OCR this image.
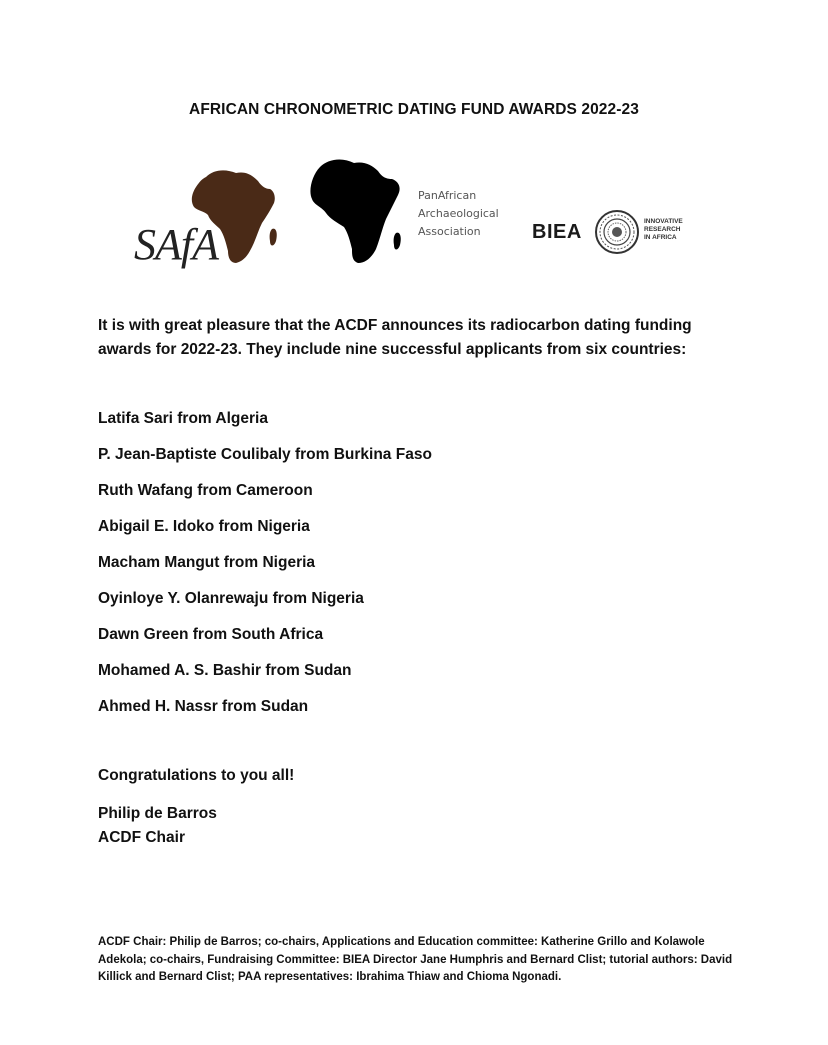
AFRICAN CHRONOMETRIC DATING FUND AWARDS 2022-23
SAfA
PanAfrican
Archaeological
Association	BIEA	INNOVATIVE
RESEARCH
IN AFRICA
It is with great pleasure that the ACDF announces its radiocarbon dating funding awards for 2022-23. They include nine successful applicants from six countries:
Latifa Sari from Algeria
P. Jean-Baptiste Coulibaly from Burkina Faso
Ruth Wafang from Cameroon
Abigail E. Idoko from Nigeria
Macham Mangut from Nigeria
Oyinloye Y. Olanrewaju from Nigeria
Dawn Green from South Africa
Mohamed A. S. Bashir from Sudan
Ahmed H. Nassr from Sudan
Congratulations to you all!
Philip de Barros
ACDF Chair
ACDF Chair: Philip de Barros; co-chairs, Applications and Education committee: Katherine Grillo and Kolawole Adekola; co-chairs, Fundraising Committee: BIEA Director Jane Humphris and Bernard Clist; tutorial authors: David Killick and Bernard Clist; PAA representatives: Ibrahima Thiaw and Chioma Ngonadi.
